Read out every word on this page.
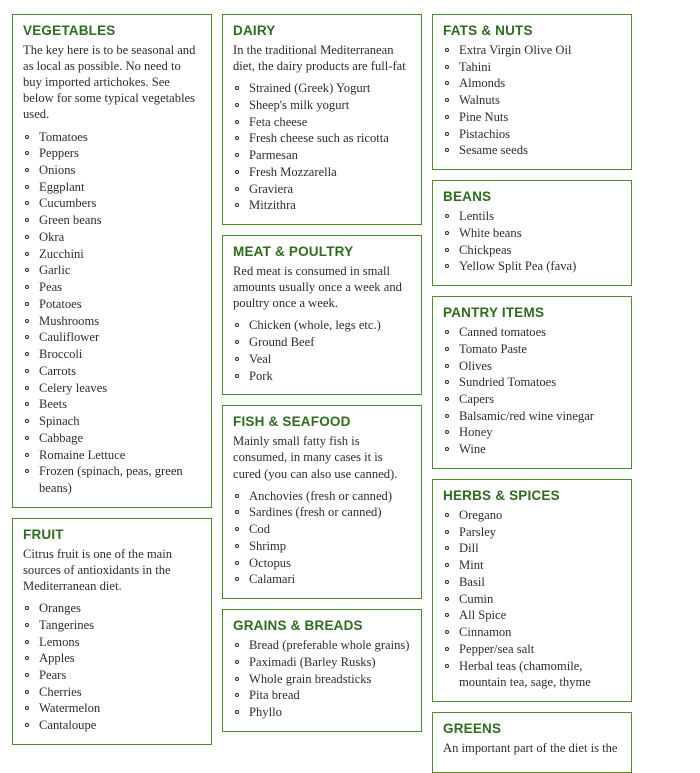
VEGETABLES

The key here is to be seasonal and as local as possible. No need to buy imported artichokes. See below for some typical vegetables used.

Tomatoes
Peppers
Onions
Eggplant
Cucumbers
Green beans
Okra
Zucchini
Garlic
Peas
Potatoes
Mushrooms
Cauliflower
Broccoli
Carrots
Celery leaves
Beets
Spinach
Cabbage
Romaine Lettuce
Frozen (spinach, peas, green beans)
FRUIT

Citrus fruit is one of the main sources of antioxidants in the Mediterranean diet.

Oranges
Tangerines
Lemons
Apples
Pears
Cherries
Watermelon
Cantaloupe
DAIRY

In the traditional Mediterranean diet, the dairy products are full-fat

Strained (Greek) Yogurt
Sheep's milk yogurt
Feta cheese
Fresh cheese such as ricotta
Parmesan
Fresh Mozzarella
Graviera
Mitzithra
MEAT & POULTRY

Red meat is consumed in small amounts usually once a week and poultry once a week.

Chicken (whole, legs etc.)
Ground Beef
Veal
Pork
FISH & SEAFOOD

Mainly small fatty fish is consumed, in many cases it is cured (you can also use canned).

Anchovies (fresh or canned)
Sardines (fresh or canned)
Cod
Shrimp
Octopus
Calamari
GRAINS & BREADS
Bread (preferable whole grains)
Paximadi (Barley Rusks)
Whole grain breadsticks
Pita bread
Phyllo
FATS & NUTS
Extra Virgin Olive Oil
Tahini
Almonds
Walnuts
Pine Nuts
Pistachios
Sesame seeds
BEANS
Lentils
White beans
Chickpeas
Yellow Split Pea (fava)
PANTRY ITEMS
Canned tomatoes
Tomato Paste
Olives
Sundried Tomatoes
Capers
Balsamic/red wine vinegar
Honey
Wine
HERBS & SPICES
Oregano
Parsley
Dill
Mint
Basil
Cumin
All Spice
Cinnamon
Pepper/sea salt
Herbal teas (chamomile, mountain tea, sage, thyme
GREENS

An important part of the diet is the
